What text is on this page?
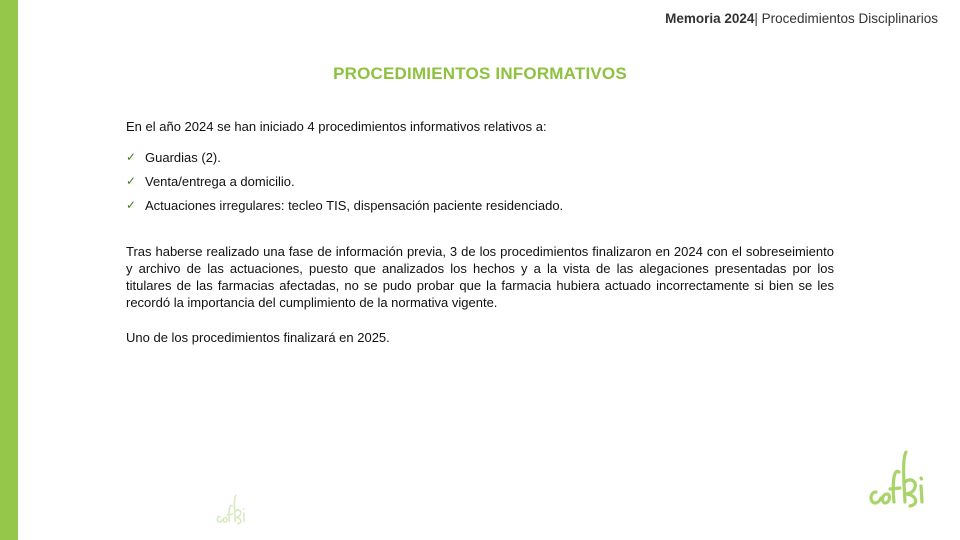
Memoria 2024| Procedimientos Disciplinarios
PROCEDIMIENTOS INFORMATIVOS

En el año 2024 se han iniciado 4 procedimientos informativos relativos a:

✓ Guardias (2).
✓ Venta/entrega a domicilio.
✓ Actuaciones irregulares: tecleo TIS, dispensación paciente residenciado.

Tras haberse realizado una fase de información previa, 3 de los procedimientos finalizaron en 2024 con el sobreseimiento y archivo de las actuaciones, puesto que analizados los hechos y a la vista de las alegaciones presentadas por los titulares de las farmacias afectadas, no se pudo probar que la farmacia hubiera actuado incorrectamente si bien se les recordó la importancia del cumplimiento de la normativa vigente.

Uno de los procedimientos finalizará en 2025.
